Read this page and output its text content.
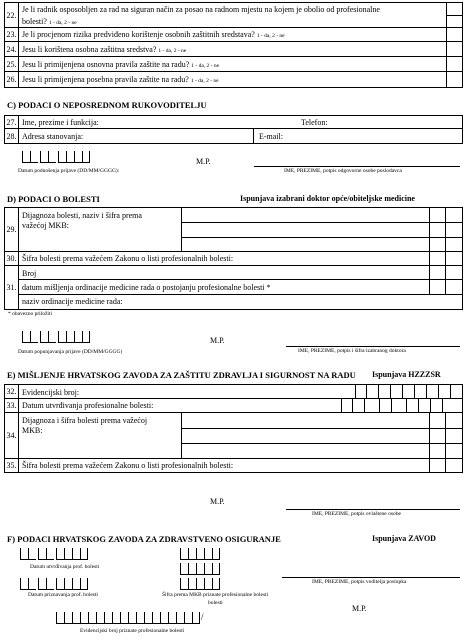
22.
Je li radnik osposobljen za rad na siguran način za posao na radnom mjestu na kojem je obolio od profesionalne
bolesti? 1 - da, 2 - ne
23. Je li procjenom rizika predviđeno korištenje osobnih zaštitnih sredstava? 1 - da, 2 - ne
24. Jesu li korištena osobna zaštitna sredstva? 1 - da, 2 - ne
25. Jesu li primijenjena osnovna pravila zaštite na radu? 1 - da, 2 - ne
26. Jesu li primijenjena posebna pravila zaštite na radu? 1 - da, 2 - ne
C) PODACI O NEPOSREDNOM RUKOVODITELJU
27. Ime, prezime i funkcija:	Telefon:
28. Adresa stanovanja:	E-mail:
Datum podnošenja prijave (DD/MM/GGGG):
M.P.
IME, PREZIME, potpis odgovorne osobe poslodavca
D) PODACI O BOLESTI	Ispunjava izabrani doktor opće/obiteljske medicine
29.
Dijagnoza bolesti, naziv i šifra prema
važećoj MKB:
30. Šifra bolesti prema važećem Zakonu o listi profesionalnih bolesti:
31.
Broj
datum mišljenja ordinacije medicine rada o postojanju profesionalne bolesti *
naziv ordinacije medicine rada:
* obavezno priložiti
Datum popunjavanja prijave (DD/MM/GGGG)
M.P.
IME, PREZIME, potpis i šifra izabranog doktora
E) MIŠLJENJE HRVATSKOG ZAVODA ZA ZAŠTITU ZDRAVLJA I SIGURNOST NA RADU Ispunjava HZZZSR
32. Evidencijski broj:
33. Datum utvrđivanja profesionalne bolesti:
34.
Dijagnoza i šifra bolesti prema važećoj
MKB:
35. Šifra bolesti prema važećem Zakonu o listi profesionalnih bolesti:
M.P.
IME, PREZIME, potpis ovlaštene osobe
F) PODACI HRVATSKOG ZAVODA ZA ZDRAVSTVENO OSIGURANJE	Ispunjava ZAVOD
Datum utvrđivanja prof. bolesti
Datum priznavanja prof. bolesti	Šifra prema MKB priznate profesionalne bolesti
bolesti
IME, PREZIME, potpis voditelja postupka
M.P.
/
Evidencijski broj priznate profesionalne bolesti
